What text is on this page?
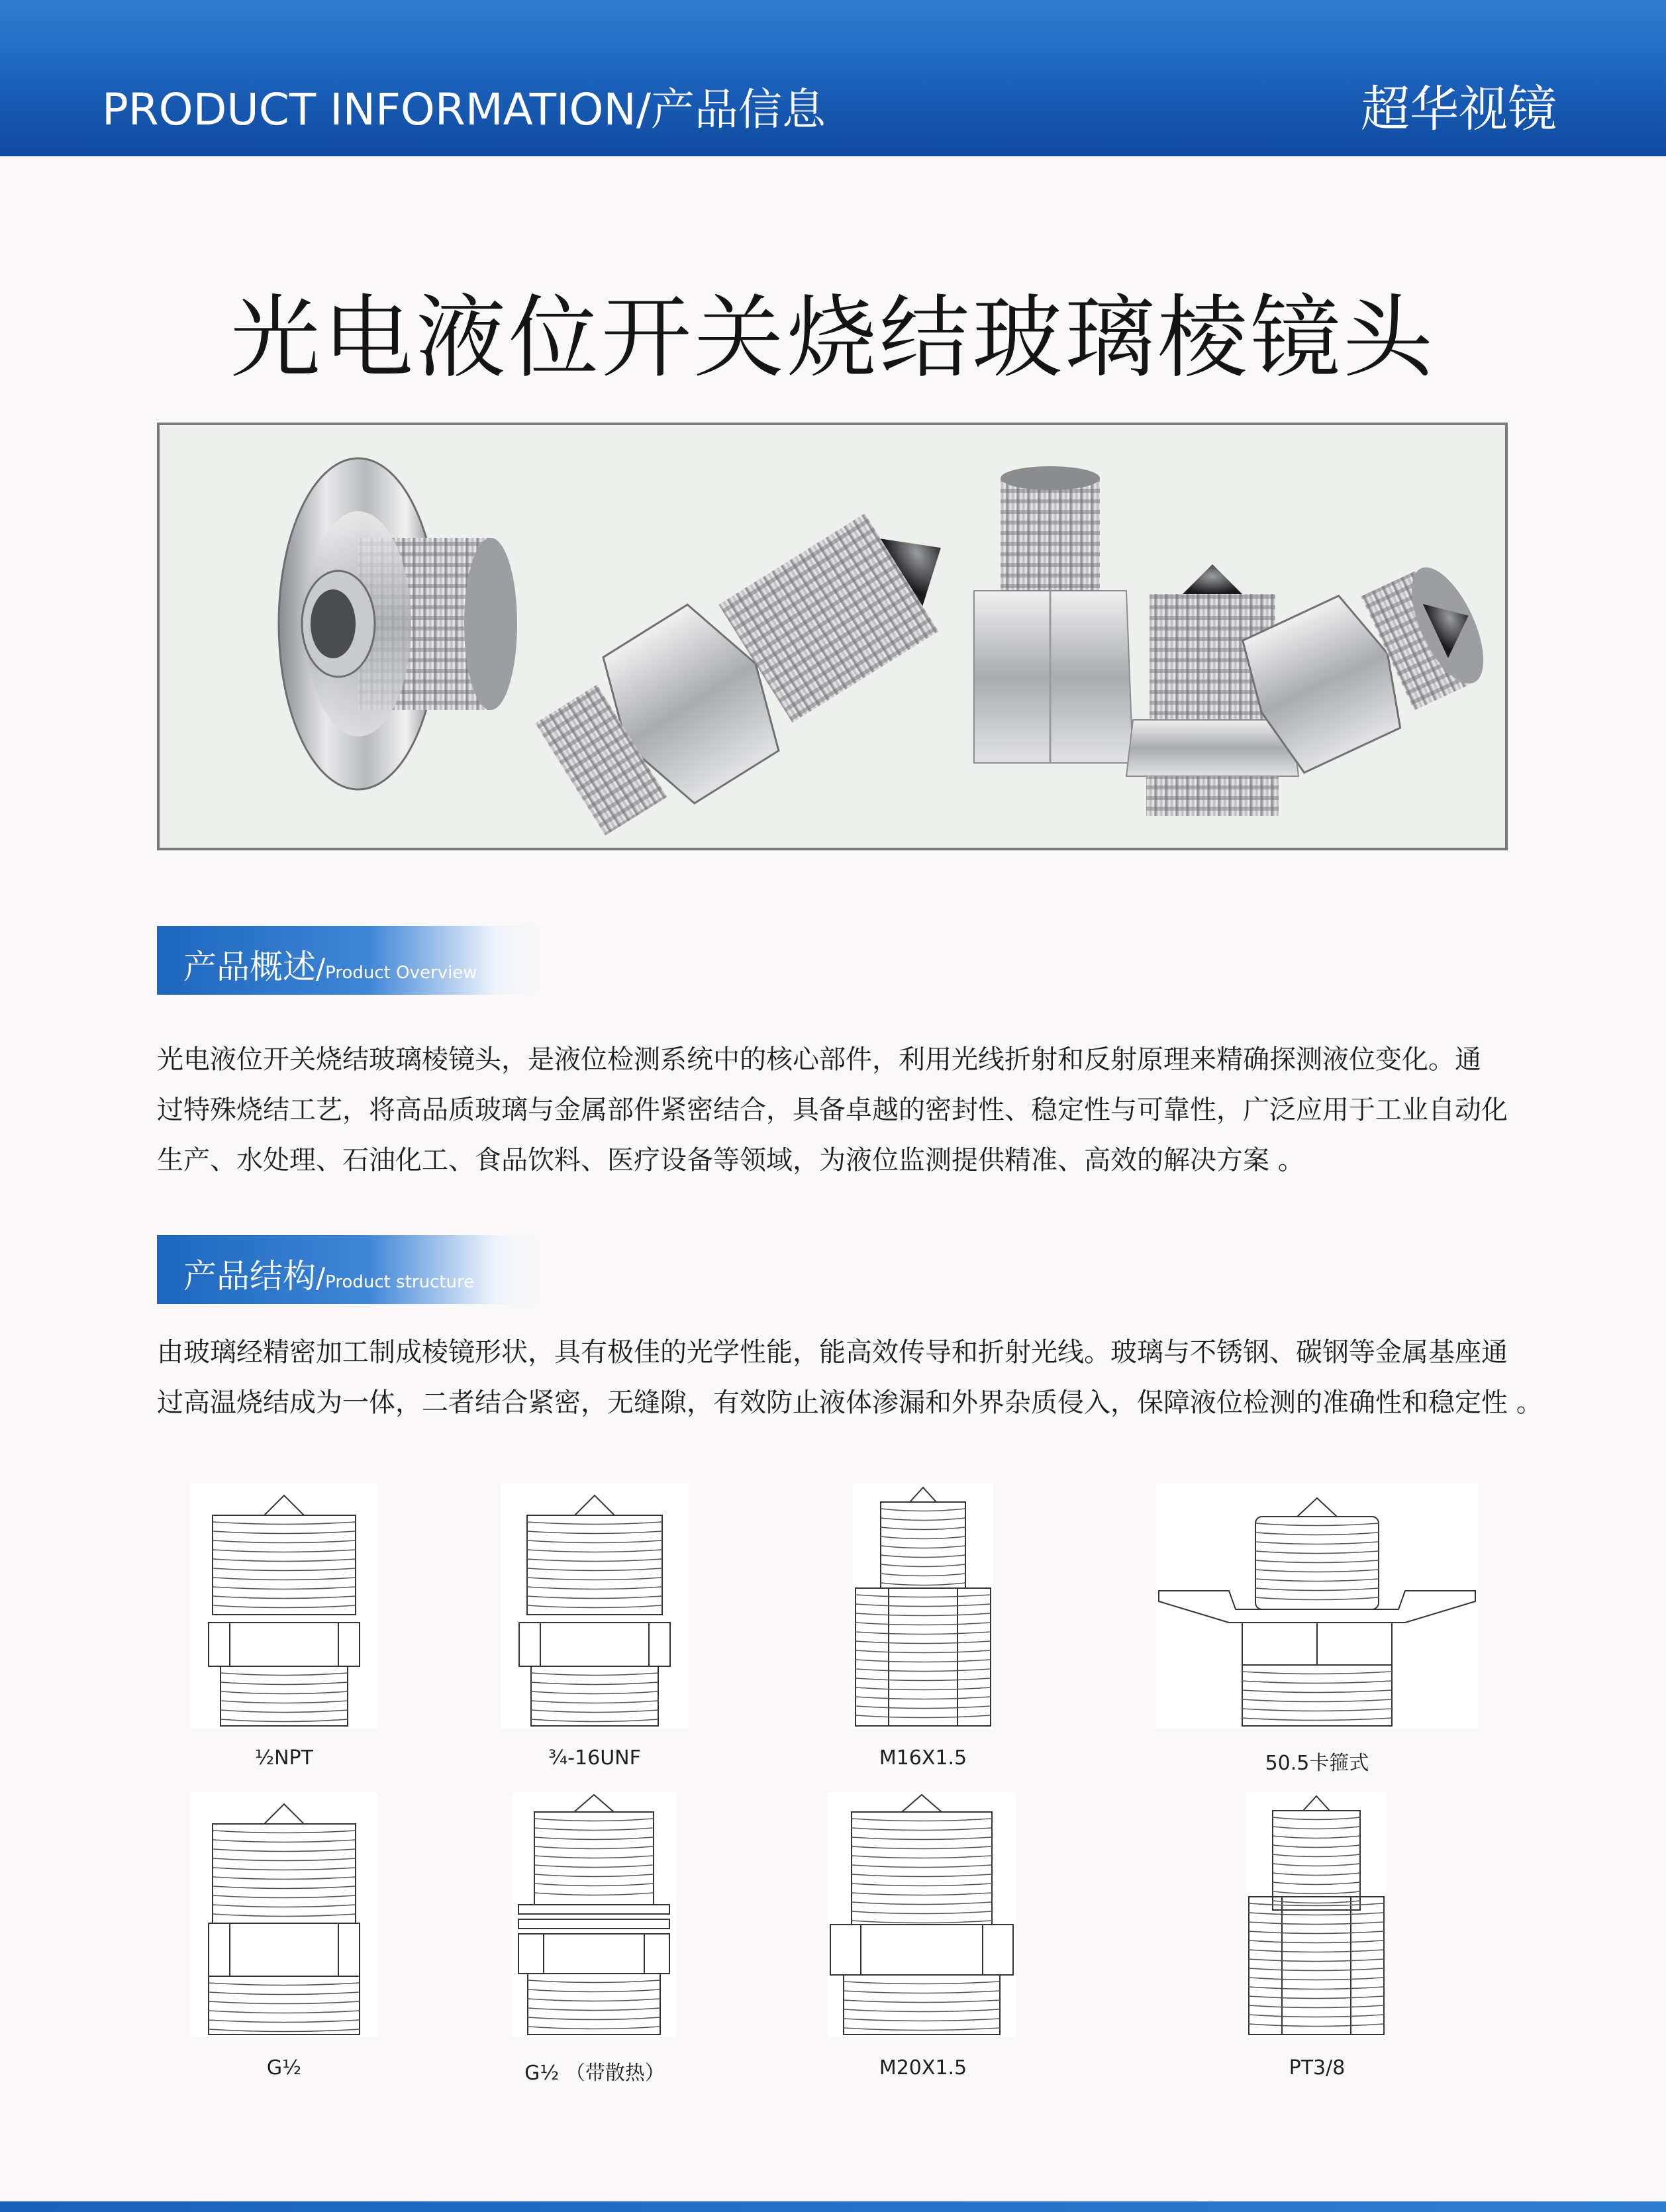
PRODUCT INFORMATION/产品信息	超华视镜
光电液位开关烧结玻璃棱镜头
产品概述/Product Overview
光电液位开关烧结玻璃棱镜头，是液位检测系统中的核心部件，利用光线折射和反射原理来精确探测液位变化。通
过特殊烧结工艺，将高品质玻璃与金属部件紧密结合，具备卓越的密封性、稳定性与可靠性，广泛应用于工业自动化
生产、水处理、石油化工、食品饮料、医疗设备等领域，为液位监测提供精准、高效的解决方案 。
产品结构/Product structure
由玻璃经精密加工制成棱镜形状，具有极佳的光学性能，能高效传导和折射光线。玻璃与不锈钢、碳钢等金属基座通
过高温烧结成为一体，二者结合紧密，无缝隙，有效防止液体渗漏和外界杂质侵入，保障液位检测的准确性和稳定性 。
½NPT	¾-16UNF	M16X1.5	50.5卡箍式
G½	G½ （带散热）	M20X1.5	PT3/8
